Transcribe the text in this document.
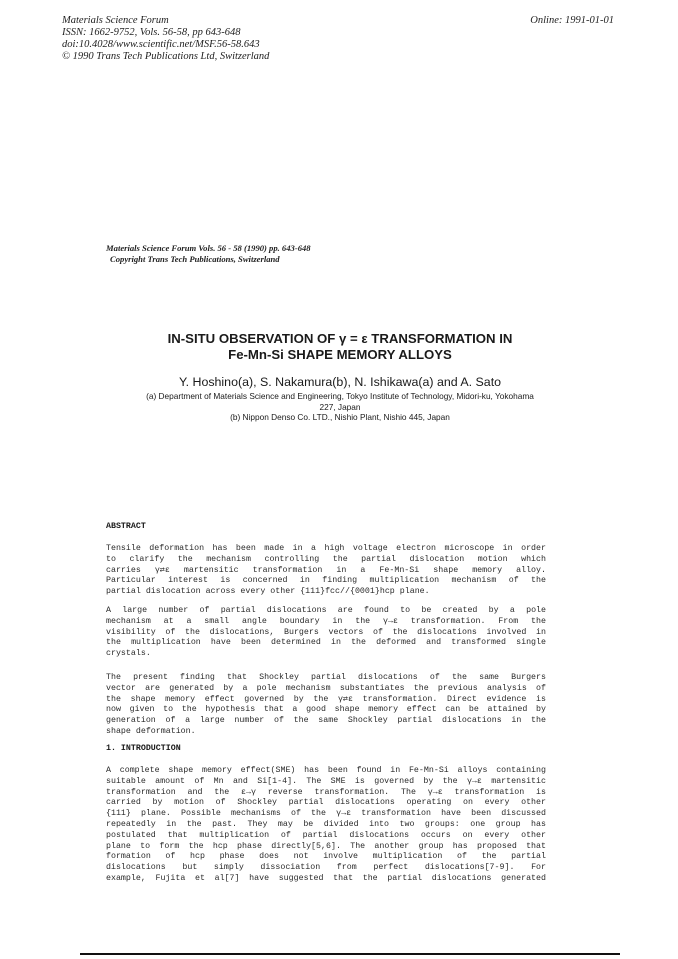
Materials Science Forum
ISSN: 1662-9752, Vols. 56-58, pp 643-648
doi:10.4028/www.scientific.net/MSF.56-58.643
© 1990 Trans Tech Publications Ltd, Switzerland
Online: 1991-01-01
Materials Science Forum Vols. 56 - 58 (1990) pp. 643-648
Copyright Trans Tech Publications, Switzerland
IN-SITU OBSERVATION OF γ = ε TRANSFORMATION IN
Fe-Mn-Si SHAPE MEMORY ALLOYS
Y. Hoshino(a), S. Nakamura(b), N. Ishikawa(a) and A. Sato
(a) Department of Materials Science and Engineering, Tokyo Institute of Technology, Midori-ku, Yokohama
227, Japan
(b) Nippon Denso Co. LTD., Nishio Plant, Nishio 445, Japan
ABSTRACT
Tensile deformation has been made in a high voltage electron microscope in order
to clarify the mechanism controlling the partial dislocation motion which
carries γ⇄ε martensitic transformation in a Fe-Mn-Si shape memory alloy.
Particular interest is concerned in finding multiplication mechanism of the
partial dislocation across every other {111}fcc//{0001}hcp plane.
A large number of partial dislocations are found to be created by a pole
mechanism at a small angle boundary in the γ→ε transformation. From the
visibility of the dislocations, Burgers vectors of the dislocations involved in
the multiplication have been determined in the deformed and transformed single
crystals.
The present finding that Shockley partial dislocations of the same Burgers
vector are generated by a pole mechanism substantiates the previous analysis of
the shape memory effect governed by the γ⇄ε transformation. Direct evidence is
now given to the hypothesis that a good shape memory effect can be attained by
generation of a large number of the same Shockley partial dislocations in the
shape deformation.
1. INTRODUCTION
A complete shape memory effect(SME) has been found in Fe-Mn-Si alloys containing
suitable amount of Mn and Si[1-4]. The SME is governed by the γ→ε martensitic
transformation and the ε→γ reverse transformation. The γ→ε transformation is
carried by motion of Shockley partial dislocations operating on every other
{111} plane. Possible mechanisms of the γ→ε transformation have been discussed
repeatedly in the past. They may be divided into two groups: one group has
postulated that multiplication of partial dislocations occurs on every other
plane to form the hcp phase directly[5,6]. The another group has proposed that
formation of hcp phase does not involve multiplication of the partial
dislocations but simply dissociation from perfect dislocations[7-9]. For
example, Fujita et al[7] have suggested that the partial dislocations generated
